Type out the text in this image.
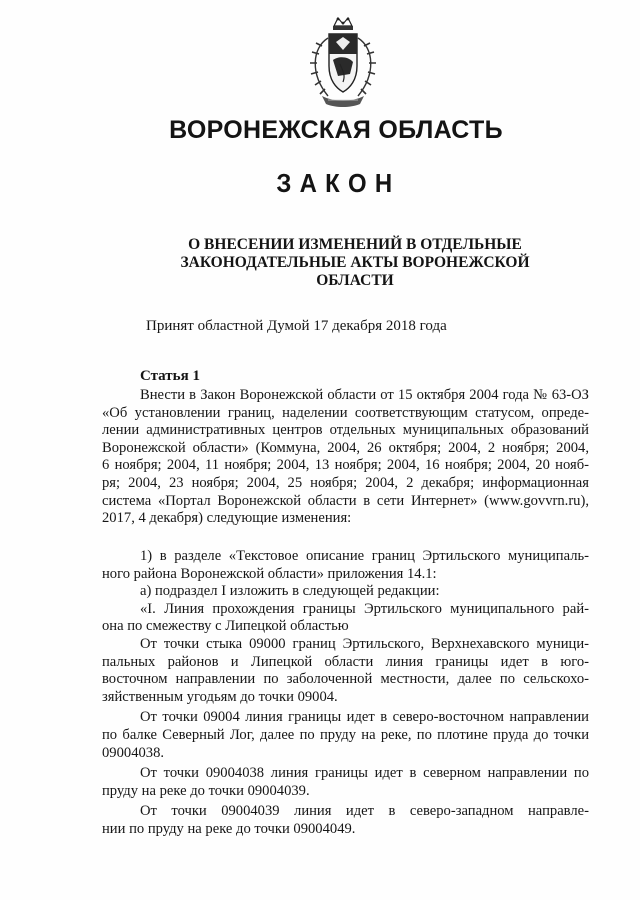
ВОРОНЕЖСКАЯ ОБЛАСТЬ
ЗАКОН
О ВНЕСЕНИИ ИЗМЕНЕНИЙ В ОТДЕЛЬНЫЕ
ЗАКОНОДАТЕЛЬНЫЕ АКТЫ ВОРОНЕЖСКОЙ
ОБЛАСТИ
Принят областной Думой 17 декабря 2018 года
Статья 1
Внести в Закон Воронежской области от 15 октября 2004 года № 63-ОЗ
«Об установлении границ, наделении соответствующим статусом, опреде-
лении административных центров отдельных муниципальных образований
Воронежской области» (Коммуна, 2004, 26 октября; 2004, 2 ноября; 2004,
6 ноября; 2004, 11 ноября; 2004, 13 ноября; 2004, 16 ноября; 2004, 20 нояб-
ря; 2004, 23 ноября; 2004, 25 ноября; 2004, 2 декабря; информационная
система «Портал Воронежской области в сети Интернет» (www.govvrn.ru),
2017, 4 декабря) следующие изменения:
1) в разделе «Текстовое описание границ Эртильского муниципаль-
ного района Воронежской области» приложения 14.1:
а) подраздел I изложить в следующей редакции:
«I. Линия прохождения границы Эртильского муниципального рай-
она по смежеству с Липецкой областью
От точки стыка 09000 границ Эртильского, Верхнехавского муници-
пальных районов и Липецкой области линия границы идет в юго-
восточном направлении по заболоченной местности, далее по сельскохо-
зяйственным угодьям до точки 09004.
От точки 09004 линия границы идет в северо-восточном направлении
по балке Северный Лог, далее по пруду на реке, по плотине пруда до точки
09004038.
От точки 09004038 линия границы идет в северном направлении по
пруду на реке до точки 09004039.
От точки 09004039 линия идет в северо-западном направле-
нии по пруду на реке до точки 09004049.
